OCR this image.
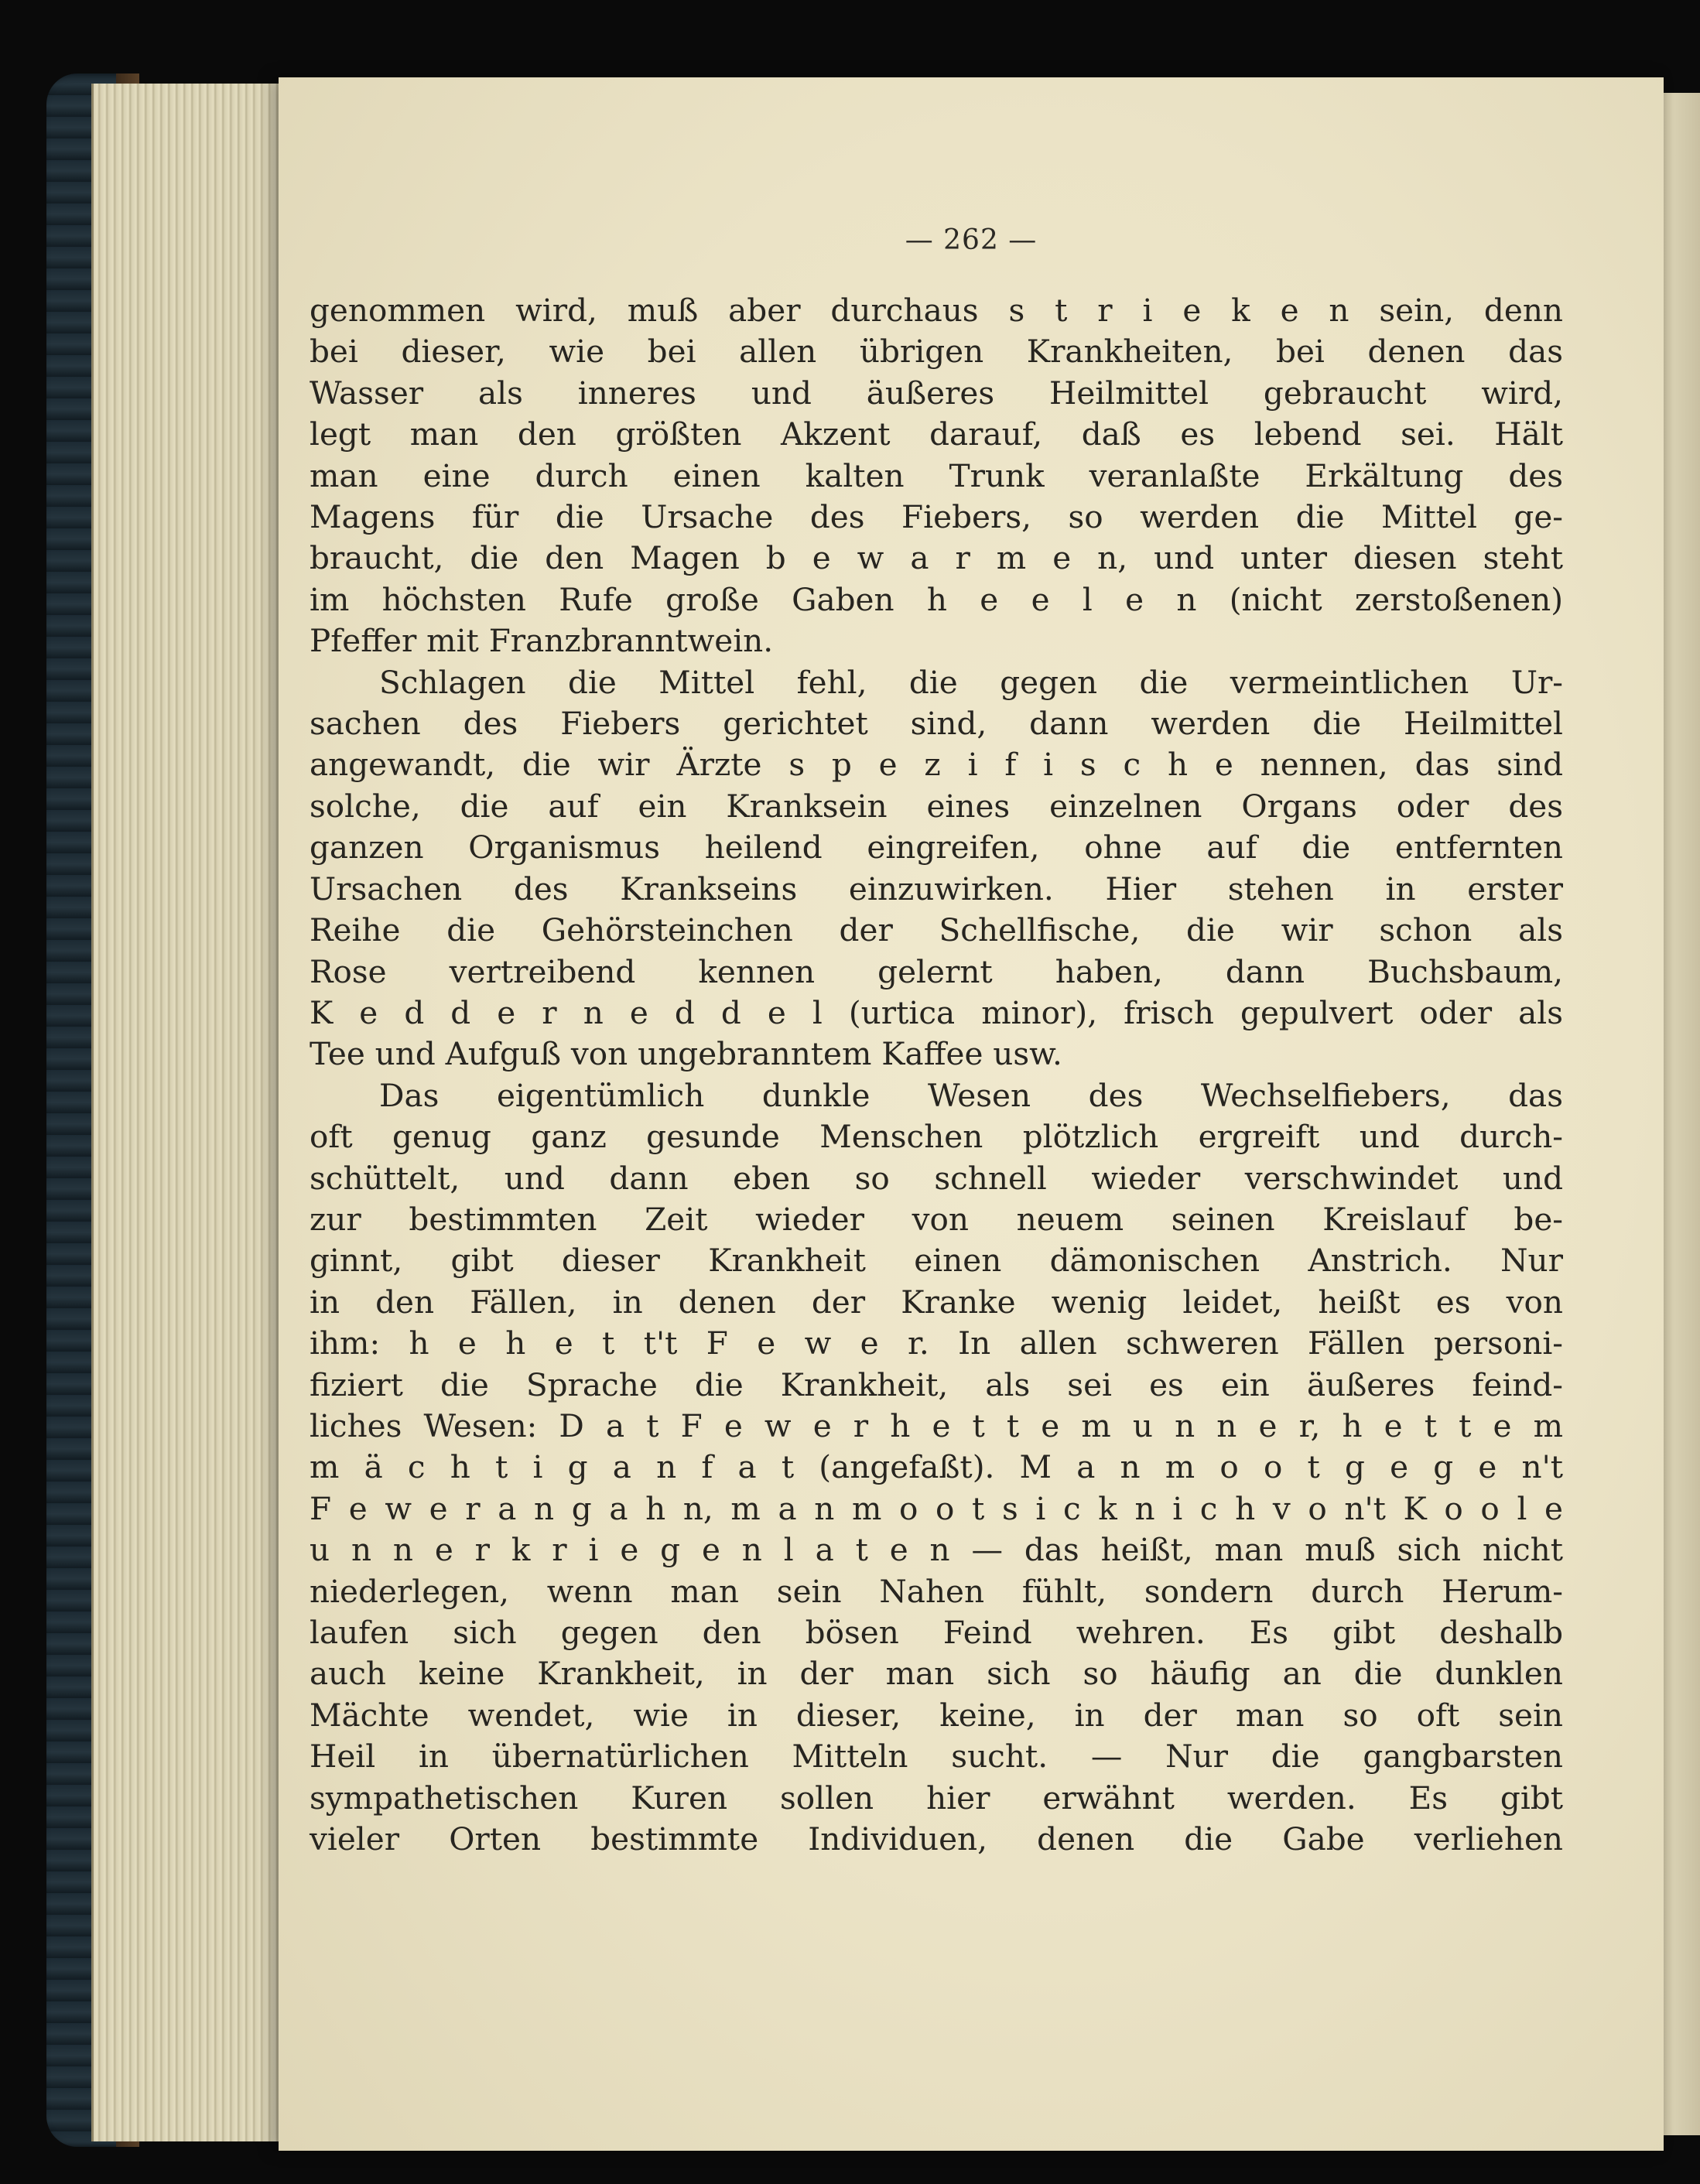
— 262 —
genommen wird, muß aber durchaus s t r i e k e n sein, denn
bei dieser, wie bei allen übrigen Krankheiten, bei denen das
Wasser als inneres und äußeres Heilmittel gebraucht wird,
legt man den größten Akzent darauf, daß es lebend sei. Hält
man eine durch einen kalten Trunk veranlaßte Erkältung des
Magens für die Ursache des Fiebers, so werden die Mittel ge-
braucht, die den Magen b e w a r m e n, und unter diesen steht
im höchsten Rufe große Gaben h e e l e n (nicht zerstoßenen)
Pfeffer mit Franzbranntwein.
Schlagen die Mittel fehl, die gegen die vermeintlichen Ur-
sachen des Fiebers gerichtet sind, dann werden die Heilmittel
angewandt, die wir Ärzte s p e z i f i s c h e nennen, das sind
solche, die auf ein Kranksein eines einzelnen Organs oder des
ganzen Organismus heilend eingreifen, ohne auf die entfernten
Ursachen des Krankseins einzuwirken. Hier stehen in erster
Reihe die Gehörsteinchen der Schellfische, die wir schon als
Rose vertreibend kennen gelernt haben, dann Buchsbaum,
K e d d e r n e d d e l (urtica minor), frisch gepulvert oder als
Tee und Aufguß von ungebranntem Kaffee usw.
Das eigentümlich dunkle Wesen des Wechselfiebers, das
oft genug ganz gesunde Menschen plötzlich ergreift und durch-
schüttelt, und dann eben so schnell wieder verschwindet und
zur bestimmten Zeit wieder von neuem seinen Kreislauf be-
ginnt, gibt dieser Krankheit einen dämonischen Anstrich. Nur
in den Fällen, in denen der Kranke wenig leidet, heißt es von
ihm: h e h e t t't F e w e r. In allen schweren Fällen personi-
fiziert die Sprache die Krankheit, als sei es ein äußeres feind-
liches Wesen: D a t F e w e r h e t t e m u n n e r, h e t t e m
m ä c h t i g a n f a t (angefaßt). M a n m o o t g e g e n't
F e w e r a n g a h n, m a n m o o t s i c k n i c h v o n't K o o l e
u n n e r k r i e g e n l a t e n — das heißt, man muß sich nicht
niederlegen, wenn man sein Nahen fühlt, sondern durch Herum-
laufen sich gegen den bösen Feind wehren. Es gibt deshalb
auch keine Krankheit, in der man sich so häufig an die dunklen
Mächte wendet, wie in dieser, keine, in der man so oft sein
Heil in übernatürlichen Mitteln sucht. — Nur die gangbarsten
sympathetischen Kuren sollen hier erwähnt werden. Es gibt
vieler Orten bestimmte Individuen, denen die Gabe verliehen
